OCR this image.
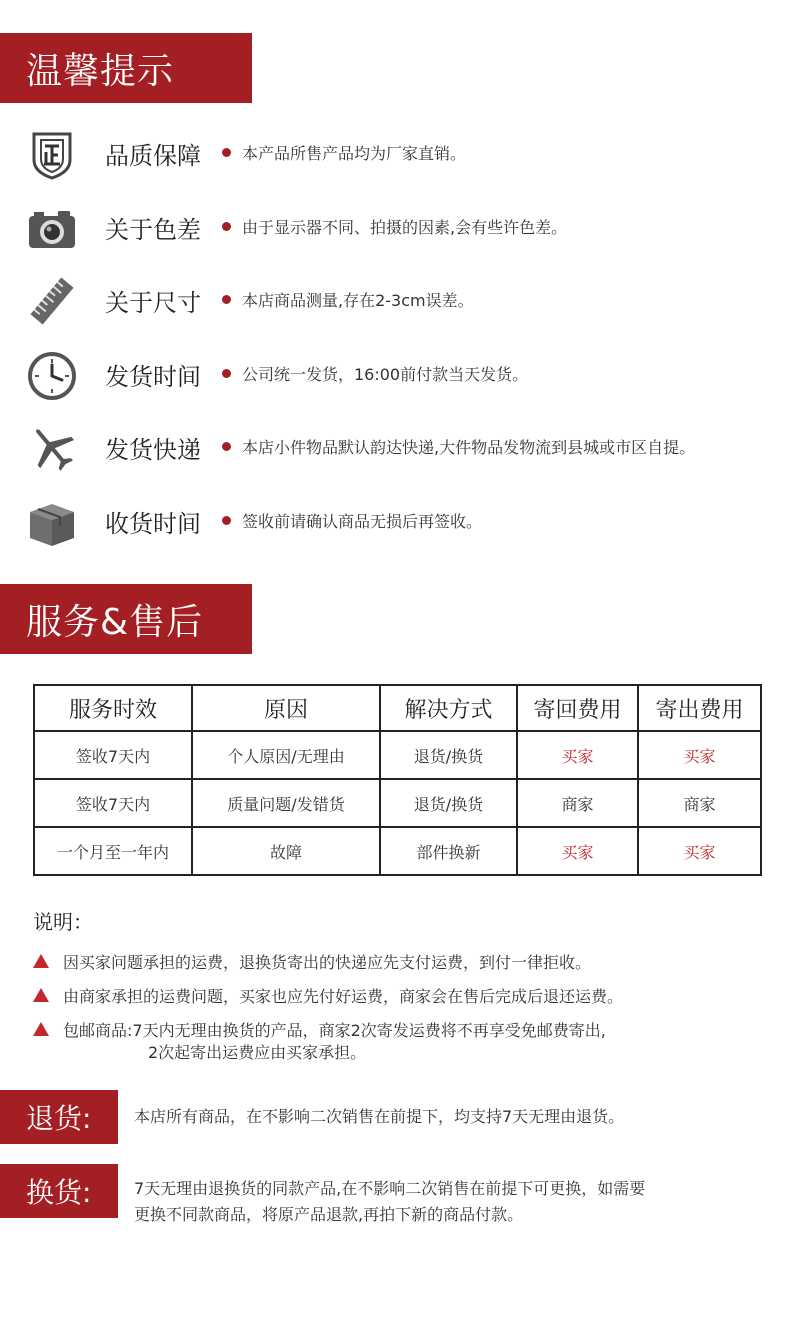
温馨提示
品质保障	本产品所售产品均为厂家直销。
关于色差	由于显示器不同、拍摄的因素,会有些许色差。
关于尺寸	本店商品测量,存在2-3cm误差。
发货时间	公司统一发货，16:00前付款当天发货。
发货快递	本店小件物品默认韵达快递,大件物品发物流到县城或市区自提。
收货时间	签收前请确认商品无损后再签收。
服务&售后
服务时效	原因	解决方式	寄回费用	寄出费用
签收7天内	个人原因/无理由	退货/换货	买家	买家
签收7天内	质量问题/发错货	退货/换货	商家	商家
一个月至一年内	故障	部件换新	买家	买家
说明：
因买家问题承担的运费，退换货寄出的快递应先支付运费，到付一律拒收。
由商家承担的运费问题，买家也应先付好运费，商家会在售后完成后退还运费。
包邮商品:7天内无理由换货的产品，商家2次寄发运费将不再享受免邮费寄出,
2次起寄出运费应由买家承担。
退货:	本店所有商品，在不影响二次销售在前提下，均支持7天无理由退货。
换货:	7天无理由退换货的同款产品,在不影响二次销售在前提下可更换，如需要
更换不同款商品，将原产品退款,再拍下新的商品付款。
